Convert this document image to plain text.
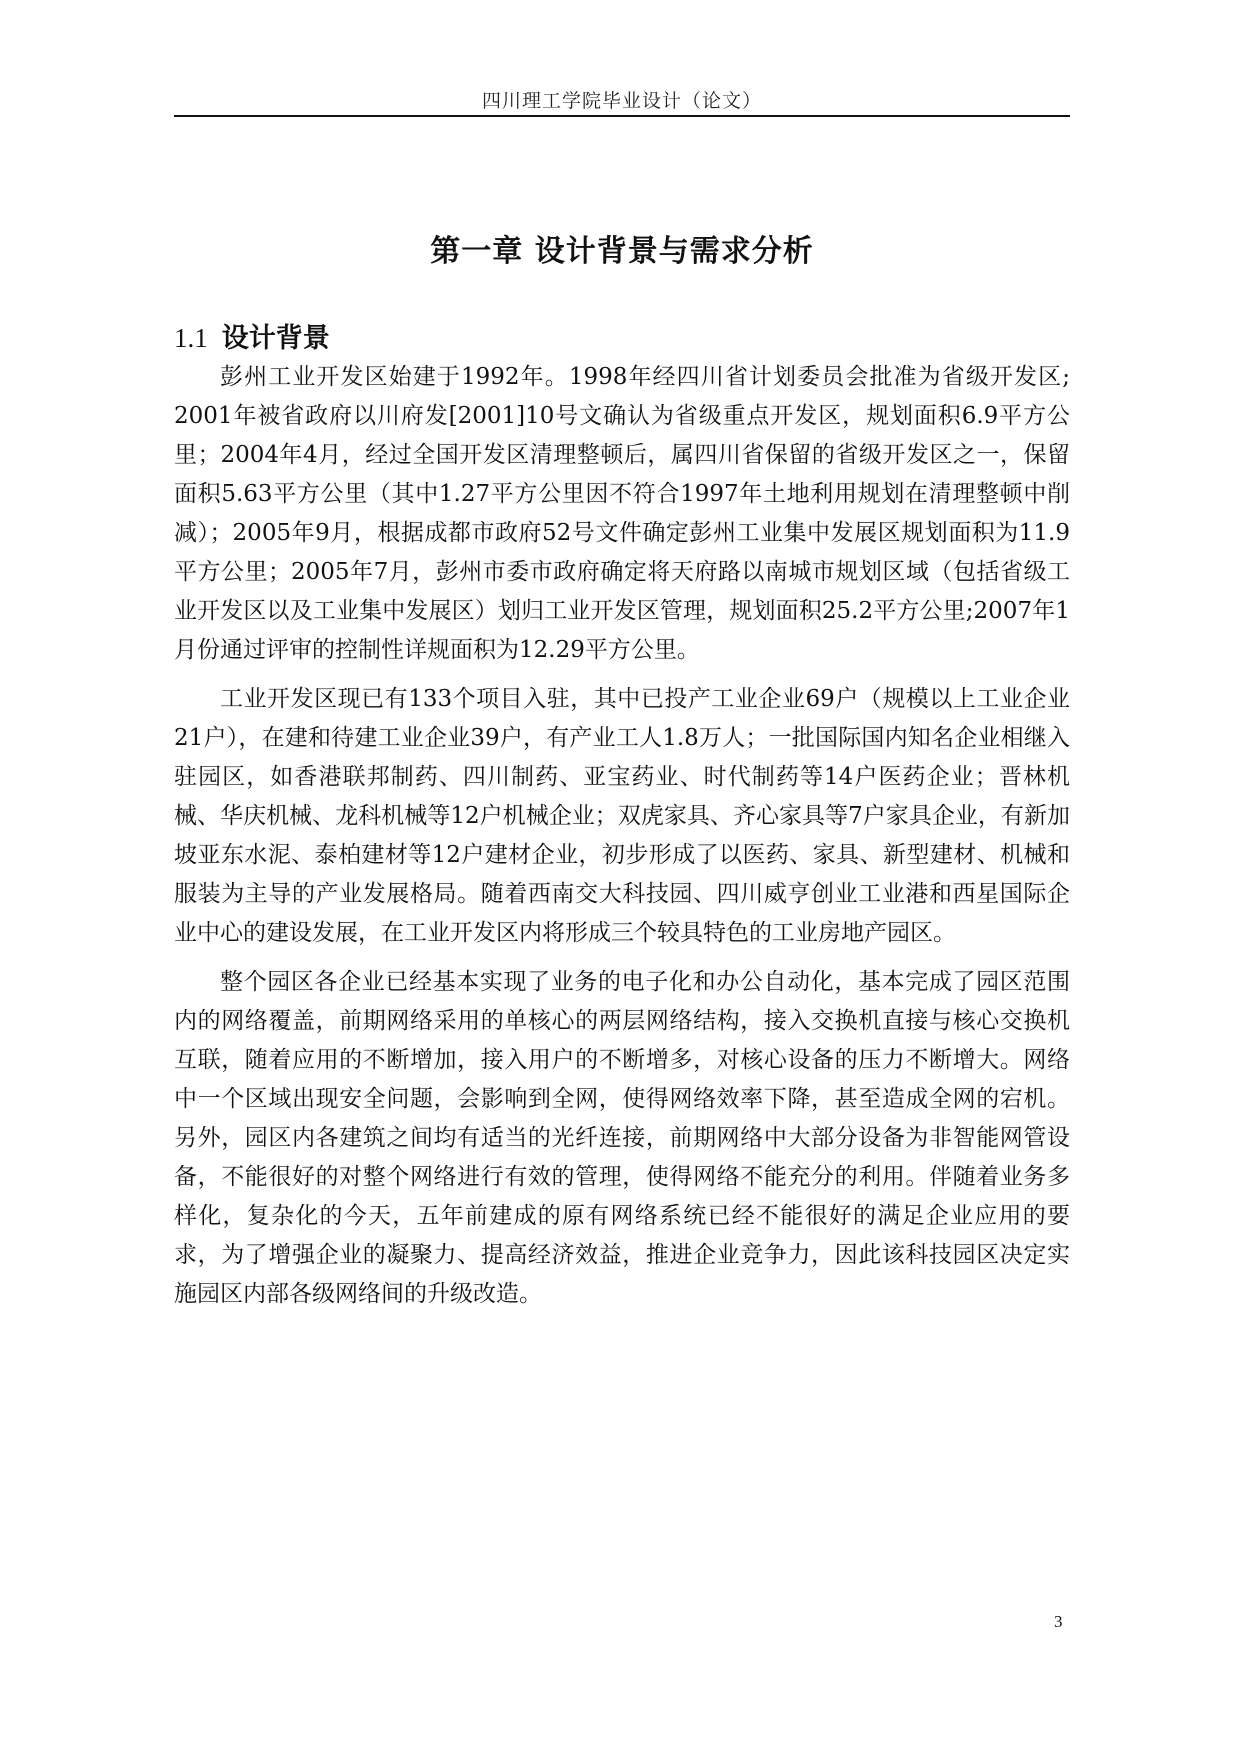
四川理工学院毕业设计（论文）
第一章 设计背景与需求分析
1.1 设计背景

彭州工业开发区始建于1992年。1998年经四川省计划委员会批准为省级开发区; 2001年被省政府以川府发[2001]10号文确认为省级重点开发区，规划面积6.9平方公里；2004年4月，经过全国开发区清理整顿后，属四川省保留的省级开发区之一，保留面积5.63平方公里（其中1.27平方公里因不符合1997年土地利用规划在清理整顿中削减）；2005年9月，根据成都市政府52号文件确定彭州工业集中发展区规划面积为11.9平方公里；2005年7月，彭州市委市政府确定将天府路以南城市规划区域（包括省级工业开发区以及工业集中发展区）划归工业开发区管理，规划面积25.2平方公里;2007年1月份通过评审的控制性详规面积为12.29平方公里。

工业开发区现已有133个项目入驻，其中已投产工业企业69户（规模以上工业企业21户），在建和待建工业企业39户，有产业工人1.8万人；一批国际国内知名企业相继入驻园区，如香港联邦制药、四川制药、亚宝药业、时代制药等14户医药企业；晋林机械、华庆机械、龙科机械等12户机械企业；双虎家具、齐心家具等7户家具企业，有新加坡亚东水泥、泰柏建材等12户建材企业，初步形成了以医药、家具、新型建材、机械和服装为主导的产业发展格局。随着西南交大科技园、四川威亨创业工业港和西星国际企业中心的建设发展，在工业开发区内将形成三个较具特色的工业房地产园区。

整个园区各企业已经基本实现了业务的电子化和办公自动化，基本完成了园区范围内的网络覆盖，前期网络采用的单核心的两层网络结构，接入交换机直接与核心交换机互联，随着应用的不断增加，接入用户的不断增多，对核心设备的压力不断增大。网络中一个区域出现安全问题，会影响到全网，使得网络效率下降，甚至造成全网的宕机。另外，园区内各建筑之间均有适当的光纤连接，前期网络中大部分设备为非智能网管设备，不能很好的对整个网络进行有效的管理，使得网络不能充分的利用。伴随着业务多样化，复杂化的今天，五年前建成的原有网络系统已经不能很好的满足企业应用的要求，为了增强企业的凝聚力、提高经济效益，推进企业竞争力，因此该科技园区决定实施园区内部各级网络间的升级改造。

3
